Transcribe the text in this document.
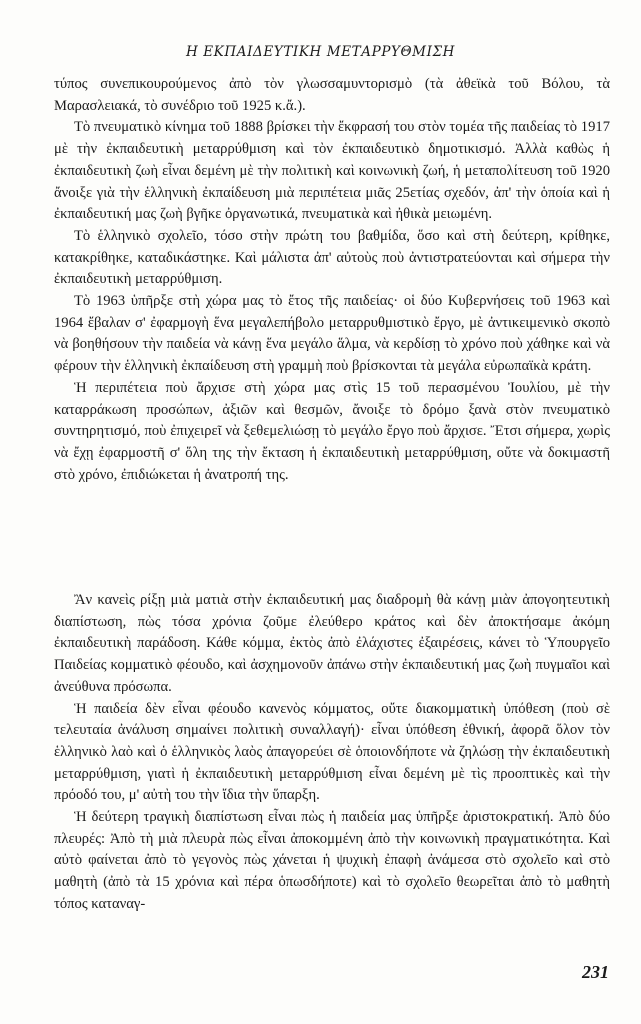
Η ΕΚΠΑΙΔΕΥΤΙΚΗ ΜΕΤΑΡΡΥΘΜΙΣΗ

τύπος συνεπικουρούμενος ἀπὸ τὸν γλωσσαμυντορισμὸ (τὰ ἀθεϊκὰ τοῦ Βόλου, τὰ Μαρασλειακά, τὸ συνέδριο τοῦ 1925 κ.ἄ.).

Τὸ πνευματικὸ κίνημα τοῦ 1888 βρίσκει τὴν ἔκφρασή του στὸν τομέα τῆς παιδείας τὸ 1917 μὲ τὴν ἐκπαιδευτικὴ μεταρρύθμιση καὶ τὸν ἐκπαιδευτικὸ δημοτικισμό. Ἀλλὰ καθὼς ἡ ἐκπαιδευτικὴ ζωὴ εἶναι δεμένη μὲ τὴν πολιτικὴ καὶ κοινωνικὴ ζωή, ἡ μεταπολίτευση τοῦ 1920 ἄνοιξε γιὰ τὴν ἑλληνικὴ ἐκπαίδευση μιὰ περιπέτεια μιᾶς 25ετίας σχεδόν, ἀπ' τὴν ὁποία καὶ ἡ ἐκπαιδευτική μας ζωὴ βγῆκε ὀργανωτικά, πνευματικὰ καὶ ἠθικὰ μειωμένη.

Τὸ ἑλληνικὸ σχολεῖο, τόσο στὴν πρώτη του βαθμίδα, ὅσο καὶ στὴ δεύτερη, κρίθηκε, κατακρίθηκε, καταδικάστηκε. Καὶ μάλιστα ἀπ' αὐτοὺς ποὺ ἀντιστρατεύονται καὶ σήμερα τὴν ἐκπαιδευτικὴ μεταρρύθμιση.

Τὸ 1963 ὑπῆρξε στὴ χώρα μας τὸ ἔτος τῆς παιδείας· οἱ δύο Κυβερνήσεις τοῦ 1963 καὶ 1964 ἔβαλαν σ' ἐφαρμογὴ ἕνα μεγαλεπήβολο μεταρρυθμιστικὸ ἔργο, μὲ ἀντικειμενικὸ σκοπὸ νὰ βοηθήσουν τὴν παιδεία νὰ κάνῃ ἕνα μεγάλο ἅλμα, νὰ κερδίσῃ τὸ χρόνο ποὺ χάθηκε καὶ νὰ φέρουν τὴν ἑλληνικὴ ἐκπαίδευση στὴ γραμμὴ ποὺ βρίσκονται τὰ μεγάλα εὐρωπαϊκὰ κράτη.

Ἡ περιπέτεια ποὺ ἄρχισε στὴ χώρα μας στὶς 15 τοῦ περασμένου Ἰουλίου, μὲ τὴν καταρράκωση προσώπων, ἀξιῶν καὶ θεσμῶν, ἄνοιξε τὸ δρόμο ξανὰ στὸν πνευματικὸ συντηρητισμό, ποὺ ἐπιχειρεῖ νὰ ξεθεμελιώσῃ τὸ μεγάλο ἔργο ποὺ ἄρχισε. Ἔτσι σήμερα, χωρὶς νὰ ἔχῃ ἐφαρμοστῆ σ' ὅλη της τὴν ἔκταση ἡ ἐκπαιδευτικὴ μεταρρύθμιση, οὔτε νὰ δοκιμαστῆ στὸ χρόνο, ἐπιδιώκεται ἡ ἀνατροπή της.

Ἂν κανεὶς ρίξῃ μιὰ ματιὰ στὴν ἐκπαιδευτική μας διαδρομὴ θὰ κάνῃ μιὰν ἀπογοητευτικὴ διαπίστωση, πὼς τόσα χρόνια ζοῦμε ἐλεύθερο κράτος καὶ δὲν ἀποκτήσαμε ἀκόμη ἐκπαιδευτικὴ παράδοση. Κάθε κόμμα, ἐκτὸς ἀπὸ ἐλάχιστες ἐξαιρέσεις, κάνει τὸ Ὑπουργεῖο Παιδείας κομματικὸ φέουδο, καὶ ἀσχημονοῦν ἀπάνω στὴν ἐκπαιδευτική μας ζωὴ πυγμαῖοι καὶ ἀνεύθυνα πρόσωπα.

Ἡ παιδεία δὲν εἶναι φέουδο κανενὸς κόμματος, οὔτε διακομματικὴ ὑπόθεση (ποὺ σὲ τελευταία ἀνάλυση σημαίνει πολιτικὴ συναλλαγή)· εἶναι ὑπόθεση ἐθνική, ἀφορᾶ ὅλον τὸν ἑλληνικὸ λαὸ καὶ ὁ ἑλληνικὸς λαὸς ἀπαγορεύει σὲ ὁποιονδήποτε νὰ ζηλώσῃ τὴν ἐκπαιδευτικὴ μεταρρύθμιση, γιατὶ ἡ ἐκπαιδευτικὴ μεταρρύθμιση εἶναι δεμένη μὲ τὶς προοπτικὲς καὶ τὴν πρόοδό του, μ' αὐτὴ του τὴν ἴδια τὴν ὕπαρξη.

Ἡ δεύτερη τραγικὴ διαπίστωση εἶναι πὼς ἡ παιδεία μας ὑπῆρξε ἀριστοκρατική. Ἀπὸ δύο πλευρές: Ἀπὸ τὴ μιὰ πλευρὰ πὼς εἶναι ἀποκομμένη ἀπὸ τὴν κοινωνικὴ πραγματικότητα. Καὶ αὐτὸ φαίνεται ἀπὸ τὸ γεγονὸς πὼς χάνεται ἡ ψυχικὴ ἐπαφὴ ἀνάμεσα στὸ σχολεῖο καὶ στὸ μαθητὴ (ἀπὸ τὰ 15 χρόνια καὶ πέρα ὁπωσδήποτε) καὶ τὸ σχολεῖο θεωρεῖται ἀπὸ τὸ μαθητὴ τόπος καταναγ-

231
